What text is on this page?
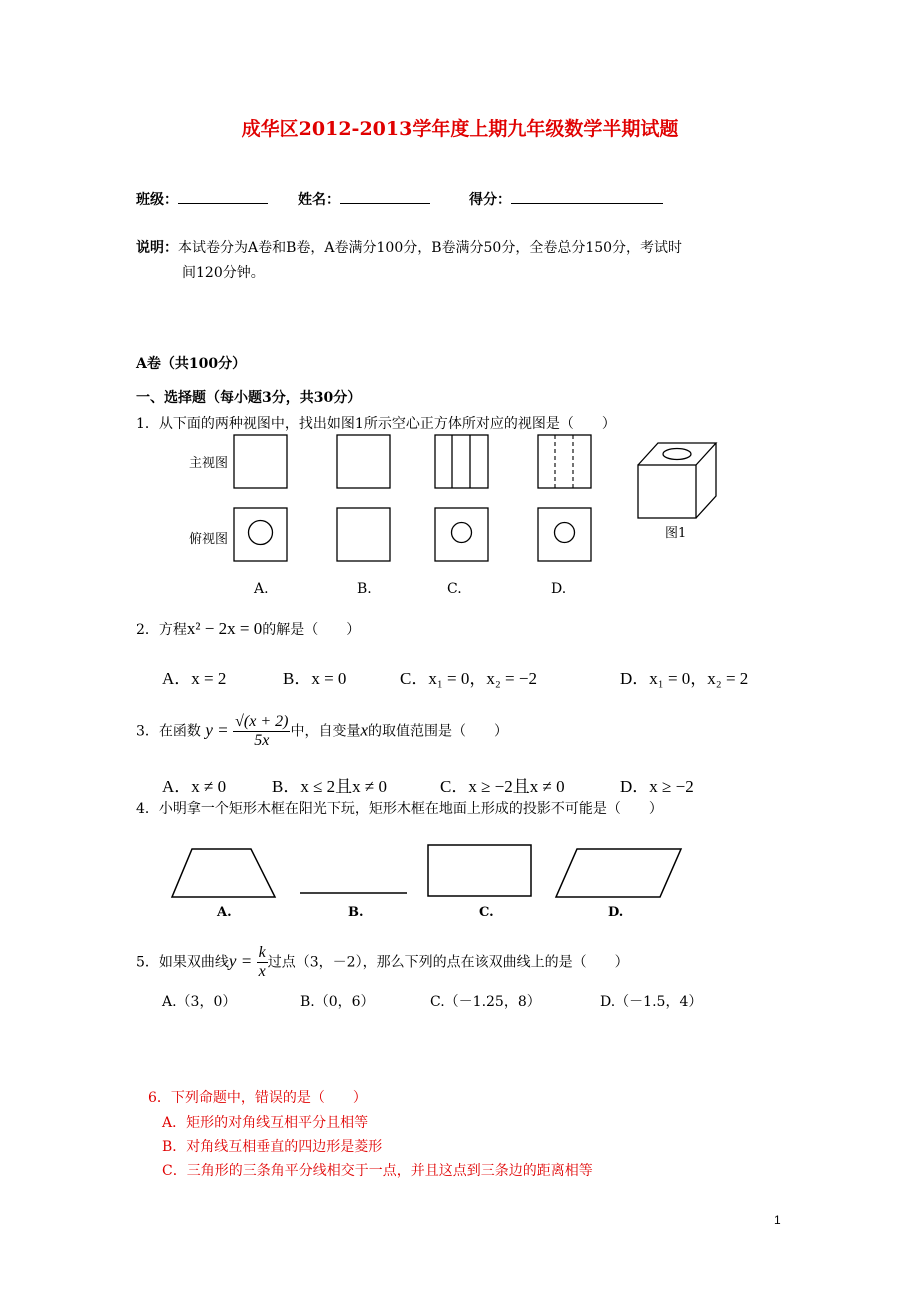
成华区2012-2013学年度上期九年级数学半期试题
班级：	姓名：	得分：
说明：本试卷分为A卷和B卷，A卷满分100分，B卷满分50分，全卷总分150分，考试时
间120分钟。
A卷（共100分）
一、选择题（每小题3分，共30分）
1．从下面的两种视图中，找出如图1所示空心正方体所对应的视图是（　　）
主视图
俯视图	图1
A.	B.	C.	D.
2．方程x² − 2x = 0的解是（　　）
A．x = 2	B．x = 0	C．x₁ = 0，x₂ = −2	D．x₁ = 0，x₂ = 2
3．在函数 $y = \frac{√(x + 2)}{5x}$ 中，自变量x的取值范围是（　　）
A．x ≠ 0	B．x ≤ 2且x ≠ 0	C．x ≥ −2且x ≠ 0	D．x ≥ −2
4．小明拿一个矩形木框在阳光下玩，矩形木框在地面上形成的投影不可能是（　　）
A.	B.	C.	D.
5．如果双曲线$y = \frac{k}{x}$ 过点（3，－2），那么下列的点在该双曲线上的是（　　）
A.（3，0）	B.（0，6）	C.（－1.25，8）	D.（－1.5，4）
6．下列命题中，错误的是（　　）
A．矩形的对角线互相平分且相等
B．对角线互相垂直的四边形是菱形
C．三角形的三条角平分线相交于一点，并且这点到三条边的距离相等
1
